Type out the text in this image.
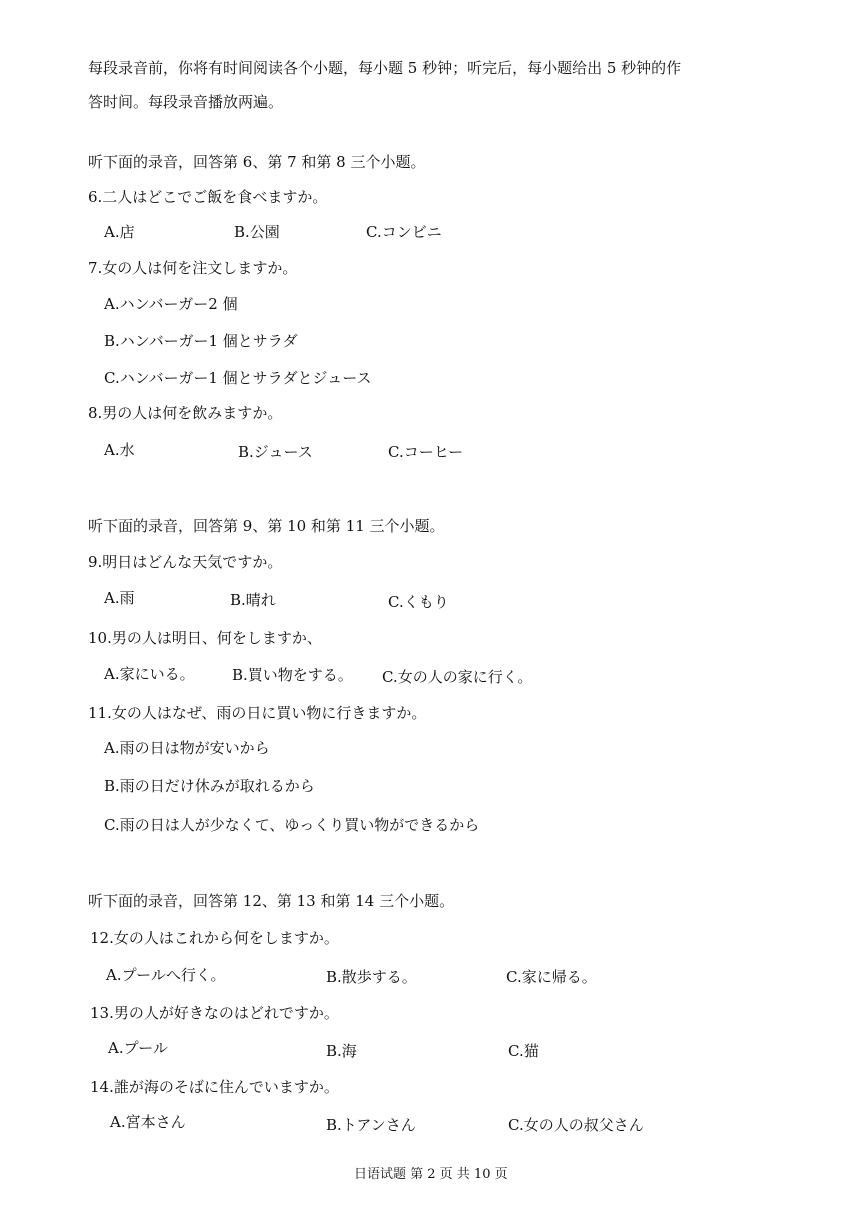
每段录音前，你将有时间阅读各个小题，每小题 5 秒钟；听完后，每小题给出 5 秒钟的作
答时间。每段录音播放两遍。
听下面的录音，回答第 6、第 7 和第 8 三个小题。
6.二人はどこでご飯を食べますか。
A.店	B.公園	C.コンビニ
7.女の人は何を注文しますか。
A.ハンバーガー2 個
B.ハンバーガー1 個とサラダ
C.ハンバーガー1 個とサラダとジュース
8.男の人は何を飲みますか。
A.水	B.ジュース	C.コーヒー
听下面的录音，回答第 9、第 10 和第 11 三个小题。
9.明日はどんな天気ですか。
A.雨	B.晴れ	C.くもり
10.男の人は明日、何をしますか、
A.家にいる。 B.買い物をする。 C.女の人の家に行く。
11.女の人はなぜ、雨の日に買い物に行きますか。
A.雨の日は物が安いから
B.雨の日だけ休みが取れるから
C.雨の日は人が少なくて、ゆっくり買い物ができるから
听下面的录音，回答第 12、第 13 和第 14 三个小题。
12.女の人はこれから何をしますか。
A.プールへ行く。	B.散歩する。	C.家に帰る。
13.男の人が好きなのはどれですか。
A.プール	B.海	C.猫
14.誰が海のそばに住んでいますか。
A.宮本さん	B.トアンさん	C.女の人の叔父さん
日语试题 第 2 页 共 10 页
